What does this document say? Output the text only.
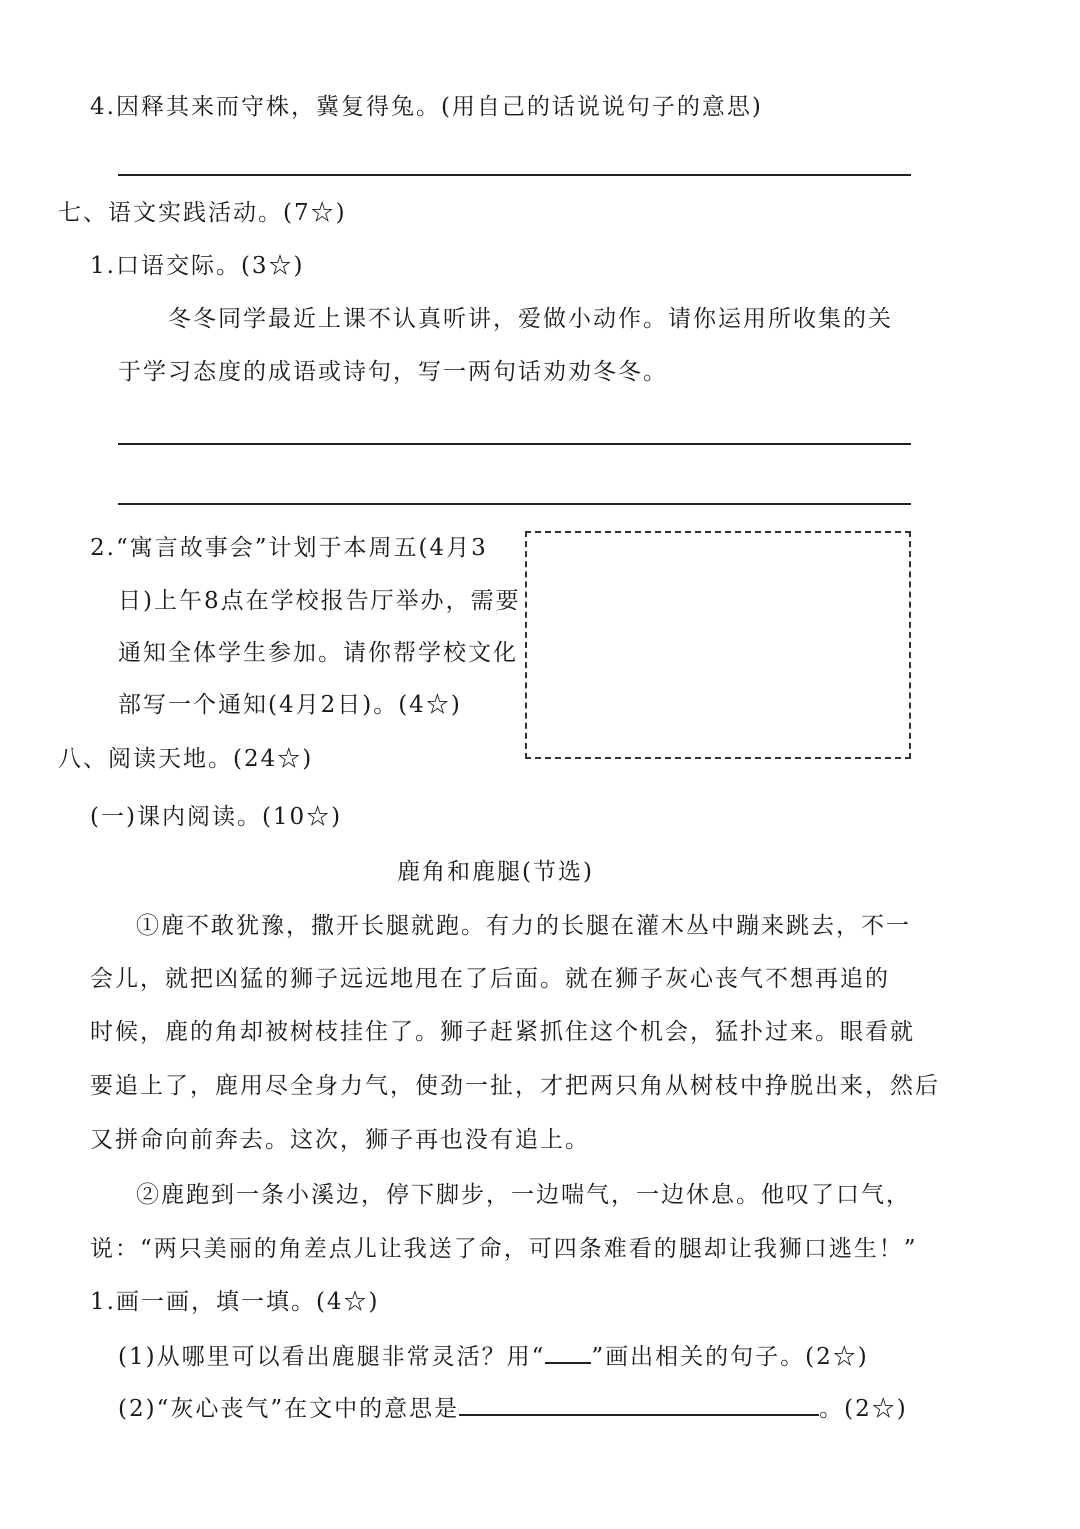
4.因释其来而守株，冀复得兔。(用自己的话说说句子的意思)
七、语文实践活动。(7☆)
1.口语交际。(3☆)
冬冬同学最近上课不认真听讲，爱做小动作。请你运用所收集的关
于学习态度的成语或诗句，写一两句话劝劝冬冬。
2.“寓言故事会”计划于本周五(4月3
日)上午8点在学校报告厅举办，需要
通知全体学生参加。请你帮学校文化
部写一个通知(4月2日)。(4☆)
八、阅读天地。(24☆)
(一)课内阅读。(10☆)
鹿角和鹿腿(节选)
①鹿不敢犹豫，撒开长腿就跑。有力的长腿在灌木丛中蹦来跳去，不一
会儿，就把凶猛的狮子远远地甩在了后面。就在狮子灰心丧气不想再追的
时候，鹿的角却被树枝挂住了。狮子赶紧抓住这个机会，猛扑过来。眼看就
要追上了，鹿用尽全身力气，使劲一扯，才把两只角从树枝中挣脱出来，然后
又拼命向前奔去。这次，狮子再也没有追上。
②鹿跑到一条小溪边，停下脚步，一边喘气，一边休息。他叹了口气，
说：“两只美丽的角差点儿让我送了命，可四条难看的腿却让我狮口逃生！”
1.画一画，填一填。(4☆)
(1)从哪里可以看出鹿腿非常灵活？用“ ”画出相关的句子。(2☆)
(2)“灰心丧气”在文中的意思是	。(2☆)
